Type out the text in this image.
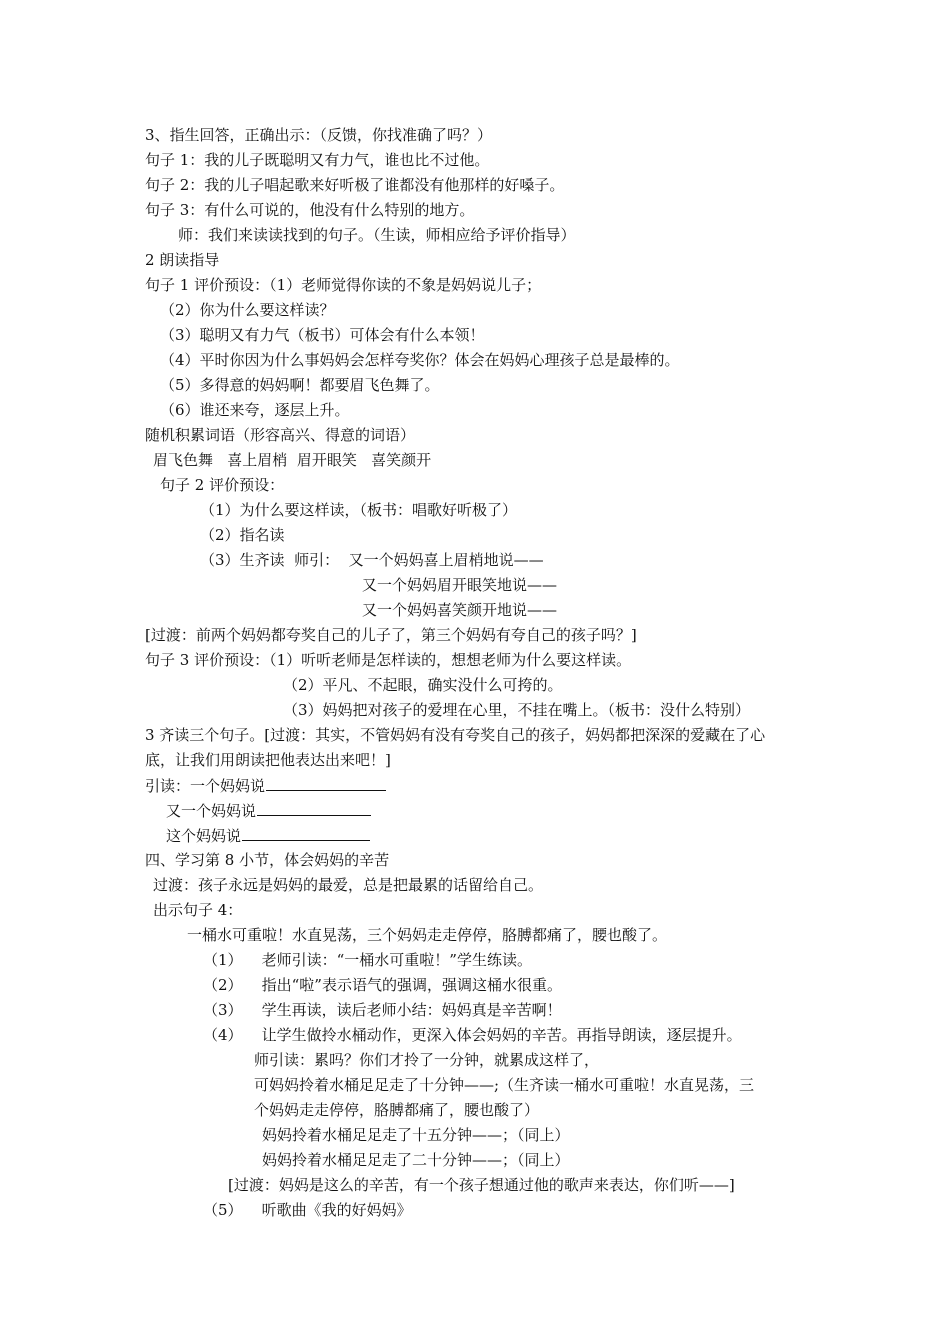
3、指生回答，正确出示：（反馈，你找准确了吗？）
句子 1：我的儿子既聪明又有力气，谁也比不过他。
句子 2：我的儿子唱起歌来好听极了谁都没有他那样的好嗓子。
句子 3：有什么可说的，他没有什么特别的地方。
师：我们来读读找到的句子。（生读，师相应给予评价指导）
2 朗读指导
句子 1 评价预设：（1）老师觉得你读的不象是妈妈说儿子；
（2）你为什么要这样读？
（3）聪明又有力气（板书）可体会有什么本领！
（4）平时你因为什么事妈妈会怎样夸奖你？体会在妈妈心理孩子总是最棒的。
（5）多得意的妈妈啊！都要眉飞色舞了。
（6）谁还来夸，逐层上升。
随机积累词语（形容高兴、得意的词语）
眉飞色舞   喜上眉梢  眉开眼笑   喜笑颜开
句子 2 评价预设：
（1）为什么要这样读，（板书：唱歌好听极了）
（2）指名读
（3）生齐读  师引：  又一个妈妈喜上眉梢地说——
又一个妈妈眉开眼笑地说——
又一个妈妈喜笑颜开地说——
[过渡：前两个妈妈都夸奖自己的儿子了，第三个妈妈有夸自己的孩子吗？]
句子 3 评价预设：（1）听听老师是怎样读的，想想老师为什么要这样读。
（2）平凡、不起眼，确实没什么可挎的。
（3）妈妈把对孩子的爱埋在心里，不挂在嘴上。（板书：没什么特别）
3 齐读三个句子。[过渡：其实，不管妈妈有没有夸奖自己的孩子，妈妈都把深深的爱藏在了心
底，让我们用朗读把他表达出来吧！]
引读：一个妈妈说
又一个妈妈说
这个妈妈说
四、学习第 8 小节，体会妈妈的辛苦
过渡：孩子永远是妈妈的最爱，总是把最累的话留给自己。
出示句子 4：
一桶水可重啦！水直晃荡，三个妈妈走走停停，胳膊都痛了，腰也酸了。
（1）    老师引读：“一桶水可重啦！”学生练读。
（2）    指出“啦”表示语气的强调，强调这桶水很重。
（3）    学生再读，读后老师小结：妈妈真是辛苦啊！
（4）    让学生做拎水桶动作，更深入体会妈妈的辛苦。再指导朗读，逐层提升。
师引读：累吗？你们才拎了一分钟，就累成这样了，
可妈妈拎着水桶足足走了十分钟——;（生齐读一桶水可重啦！水直晃荡，三
个妈妈走走停停，胳膊都痛了，腰也酸了）
妈妈拎着水桶足足走了十五分钟——；（同上）
妈妈拎着水桶足足走了二十分钟——；（同上）
[过渡：妈妈是这么的辛苦，有一个孩子想通过他的歌声来表达，你们听——]
（5）    听歌曲《我的好妈妈》
